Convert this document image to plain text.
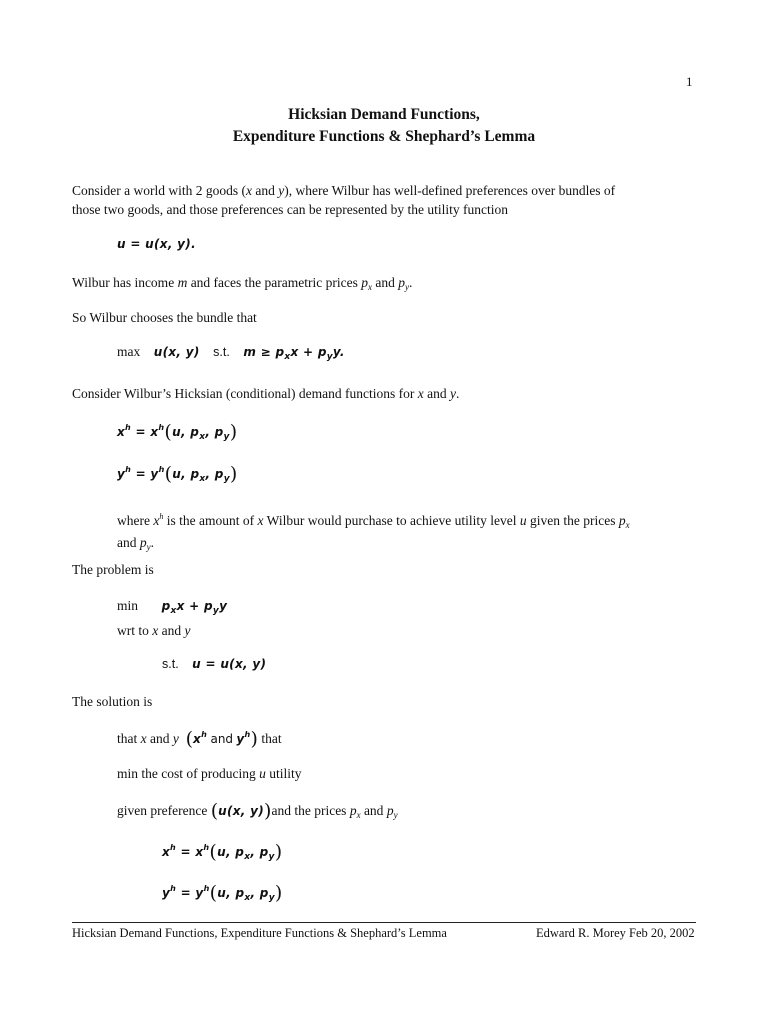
1
Hicksian Demand Functions,
Expenditure Functions & Shephard’s Lemma
Consider a world with 2 goods (x and y), where Wilbur has well-defined preferences over bundles of
those two goods, and those preferences can be represented by the utility function
u = u(x, y).
Wilbur has income m and faces the parametric prices $p_x$ and $p_y$.
So Wilbur chooses the bundle that
max u(x, y) s.t. $m \ge p_xx + p_yy$.
Consider Wilbur’s Hicksian (conditional) demand functions for x and y.
$x^h = x^h(u$, $p_x$, $p_y$)
$y^h = y^h(u$, $p_x$, $p_y$)
where $x^h$ is the amount of x Wilbur would purchase to achieve utility level u given the prices $p_x$
and $p_y$.
The problem is
$\min p_xx + p_yy$
wrt to x and y
s.t. u = u(x, y)
The solution is
that x and y ($x^h$ and $y^h$) that
min the cost of producing u utility
given preference (u(x, y))and the prices $p_x$ and $p_y$
$x^h = x^h(u$, $p_x$, $p_y$)
$y^h = y^h(u$, $p_x$, $p_y$)
Hicksian Demand Functions, Expenditure Functions & Shephard’s Lemma	Edward R. Morey Feb 20, 2002
